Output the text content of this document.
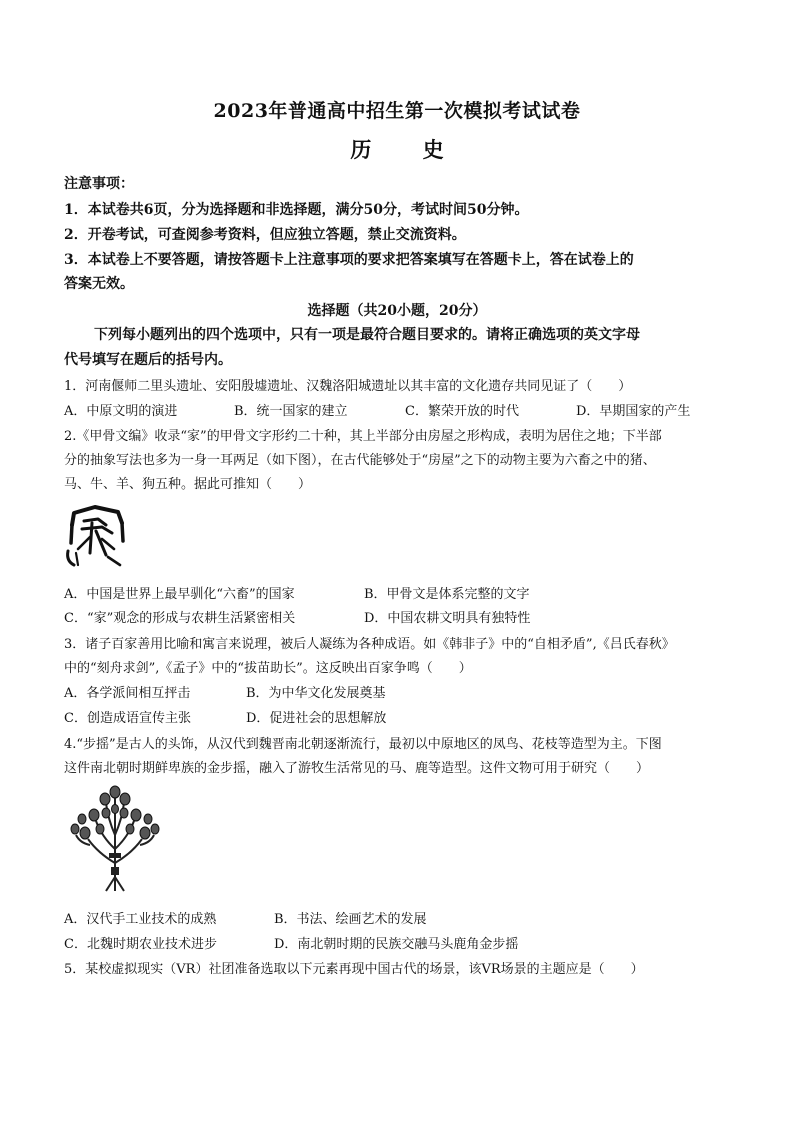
2023年普通高中招生第一次模拟考试试卷
历 史
注意事项：
1．本试卷共6页，分为选择题和非选择题，满分50分，考试时间50分钟。
2．开卷考试，可查阅参考资料，但应独立答题，禁止交流资料。
3．本试卷上不要答题，请按答题卡上注意事项的要求把答案填写在答题卡上，答在试卷上的
答案无效。
选择题（共20小题，20分）
下列每小题列出的四个选项中，只有一项是最符合题目要求的。请将正确选项的英文字母
代号填写在题后的括号内。
1．河南偃师二里头遗址、安阳殷墟遗址、汉魏洛阳城遗址以其丰富的文化遗存共同见证了（　　）
A．中原文明的演进	B．统一国家的建立	C．繁荣开放的时代	D．早期国家的产生
2.《甲骨文编》收录“家”的甲骨文字形约二十种，其上半部分由房屋之形构成，表明为居住之地；下半部
分的抽象写法也多为一身一耳两足（如下图），在古代能够处于“房屋”之下的动物主要为六畜之中的猪、
马、牛、羊、狗五种。据此可推知（　　）
A．中国是世界上最早驯化“六畜”的国家	B．甲骨文是体系完整的文字
C．“家”观念的形成与农耕生活紧密相关	D．中国农耕文明具有独特性
3．诸子百家善用比喻和寓言来说理，被后人凝练为各种成语。如《韩非子》中的“自相矛盾”,《吕氏春秋》
中的“刻舟求剑”,《孟子》中的“拔苗助长”。这反映出百家争鸣（　　）
A．各学派间相互抨击	B．为中华文化发展奠基
C．创造成语宣传主张	D．促进社会的思想解放
4.“步摇”是古人的头饰，从汉代到魏晋南北朝逐渐流行，最初以中原地区的凤鸟、花枝等造型为主。下图
这件南北朝时期鲜卑族的金步摇，融入了游牧生活常见的马、鹿等造型。这件文物可用于研究（　　）
A．汉代手工业技术的成熟	B．书法、绘画艺术的发展
C．北魏时期农业技术进步	D．南北朝时期的民族交融马头鹿角金步摇
5．某校虚拟现实（VR）社团准备选取以下元素再现中国古代的场景，该VR场景的主题应是（　　）
